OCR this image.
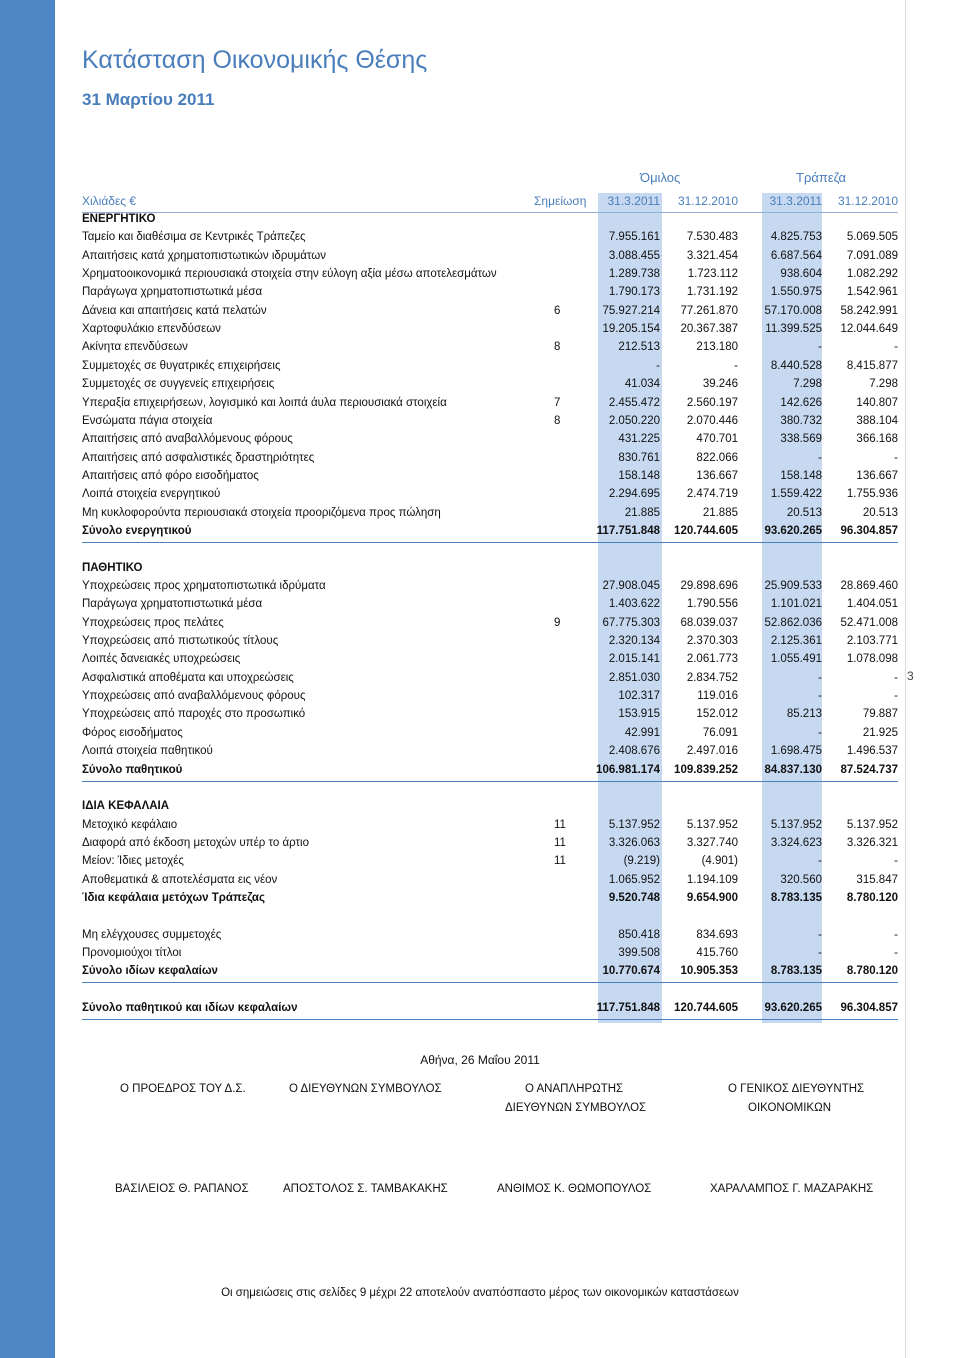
3
Κατάσταση Οικονομικής Θέσης
31 Μαρτίου 2011
Όμιλος	Τράπεζα
Χιλιάδες €	Σημείωση	31.3.2011	31.12.2010	31.3.2011	31.12.2010
ΕΝΕΡΓΗΤΙΚΟ
Ταμείο και διαθέσιμα σε Κεντρικές Τράπεζες	7.955.161	7.530.483	4.825.753	5.069.505
Απαιτήσεις κατά χρηματοπιστωτικών ιδρυμάτων	3.088.455	3.321.454	6.687.564	7.091.089
Χρηματοοικονομικά περιουσιακά στοιχεία στην εύλογη αξία μέσω αποτελεσμάτων	1.289.738	1.723.112	938.604	1.082.292
Παράγωγα χρηματοπιστωτικά μέσα	1.790.173	1.731.192	1.550.975	1.542.961
Δάνεια και απαιτήσεις κατά πελατών	6	75.927.214	77.261.870	57.170.008	58.242.991
Χαρτοφυλάκιο επενδύσεων	19.205.154	20.367.387	11.399.525	12.044.649
Ακίνητα επενδύσεων	8	212.513	213.180	-	-
Συμμετοχές σε θυγατρικές επιχειρήσεις	-	-	8.440.528	8.415.877
Συμμετοχές σε συγγενείς επιχειρήσεις	41.034	39.246	7.298	7.298
Υπεραξία επιχειρήσεων, λογισμικό και λοιπά άυλα περιουσιακά στοιχεία	7	2.455.472	2.560.197	142.626	140.807
Ενσώματα πάγια στοιχεία	8	2.050.220	2.070.446	380.732	388.104
Απαιτήσεις από αναβαλλόμενους φόρους	431.225	470.701	338.569	366.168
Απαιτήσεις από ασφαλιστικές δραστηριότητες	830.761	822.066	-	-
Απαιτήσεις από φόρο εισοδήματος	158.148	136.667	158.148	136.667
Λοιπά στοιχεία ενεργητικού	2.294.695	2.474.719	1.559.422	1.755.936
Μη κυκλοφορούντα περιουσιακά στοιχεία προοριζόμενα προς πώληση	21.885	21.885	20.513	20.513
Σύνολο ενεργητικού	117.751.848	120.744.605	93.620.265	96.304.857
ΠΑΘΗΤΙΚΟ
Υποχρεώσεις προς χρηματοπιστωτικά ιδρύματα	27.908.045	29.898.696	25.909.533	28.869.460
Παράγωγα χρηματοπιστωτικά μέσα	1.403.622	1.790.556	1.101.021	1.404.051
Υποχρεώσεις προς πελάτες	9	67.775.303	68.039.037	52.862.036	52.471.008
Υποχρεώσεις από πιστωτικούς τίτλους	2.320.134	2.370.303	2.125.361	2.103.771
Λοιπές δανειακές υποχρεώσεις	2.015.141	2.061.773	1.055.491	1.078.098
Ασφαλιστικά αποθέματα και υποχρεώσεις	2.851.030	2.834.752	-	-
Υποχρεώσεις από αναβαλλόμενους φόρους	102.317	119.016	-	-
Υποχρεώσεις από παροχές στο προσωπικό	153.915	152.012	85.213	79.887
Φόρος εισοδήματος	42.991	76.091	-	21.925
Λοιπά στοιχεία παθητικού	2.408.676	2.497.016	1.698.475	1.496.537
Σύνολο παθητικού	106.981.174	109.839.252	84.837.130	87.524.737
ΙΔΙΑ ΚΕΦΑΛΑΙΑ
Μετοχικό κεφάλαιο	11	5.137.952	5.137.952	5.137.952	5.137.952
Διαφορά από έκδοση μετοχών υπέρ το άρτιο	11	3.326.063	3.327.740	3.324.623	3.326.321
Μείον: Ίδιες μετοχές	11	(9.219)	(4.901)	-	-
Αποθεματικά & αποτελέσματα εις νέον	1.065.952	1.194.109	320.560	315.847
Ίδια κεφάλαια μετόχων Τράπεζας	9.520.748	9.654.900	8.783.135	8.780.120
Μη ελέγχουσες συμμετοχές	850.418	834.693	-	-
Προνομιούχοι τίτλοι	399.508	415.760	-	-
Σύνολο ιδίων κεφαλαίων	10.770.674	10.905.353	8.783.135	8.780.120
Σύνολο παθητικού και ιδίων κεφαλαίων	117.751.848	120.744.605	93.620.265	96.304.857
Αθήνα, 26 Μαΐου 2011
Ο ΠΡΟΕΔΡΟΣ ΤΟΥ Δ.Σ.	Ο ΔΙΕΥΘΥΝΩΝ ΣΥΜΒΟΥΛΟΣ	Ο ΑΝΑΠΛΗΡΩΤΗΣ
ΔΙΕΥΘΥΝΩΝ ΣΥΜΒΟΥΛΟΣ
Ο ΓΕΝΙΚΟΣ ΔΙΕΥΘΥΝΤΗΣ
ΟΙΚΟΝΟΜΙΚΩΝ
ΒΑΣΙΛΕΙΟΣ Θ. ΡΑΠΑΝΟΣ	ΑΠΟΣΤΟΛΟΣ Σ. ΤΑΜΒΑΚΑΚΗΣ	ΑΝΘΙΜΟΣ Κ. ΘΩΜΟΠΟΥΛΟΣ	ΧΑΡΑΛΑΜΠΟΣ Γ. ΜΑΖΑΡΑΚΗΣ
Οι σημειώσεις στις σελίδες 9 μέχρι 22 αποτελούν αναπόσπαστο μέρος των οικονομικών καταστάσεων
